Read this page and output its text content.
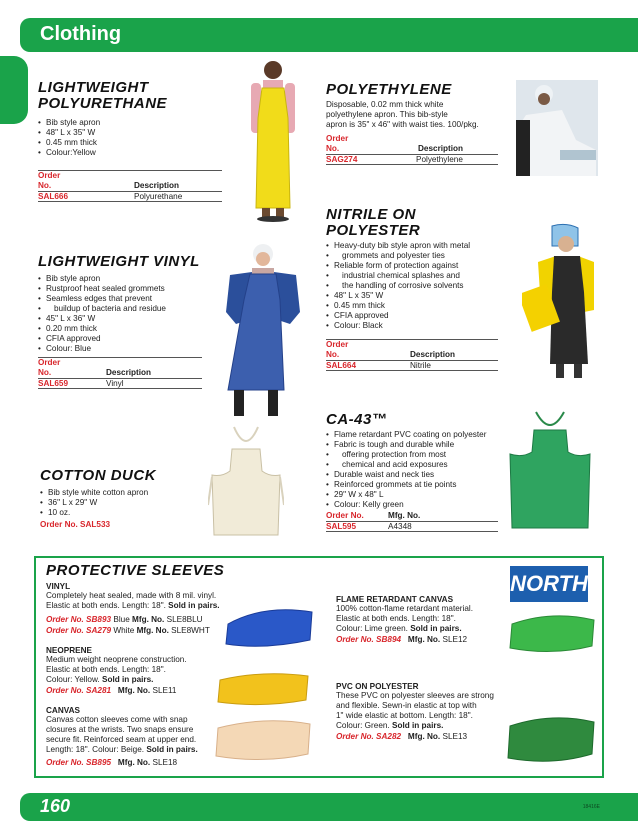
Clothing
LIGHTWEIGHT
POLYURETHANE
• Bib style apron
• 48" L x 35" W
• 0.45 mm thick
• Colour:Yellow
Order
No.	Description
SAL666	Polyurethane
POLYETHYLENE
Disposable, 0.02 mm thick white
polyethylene apron. This bib-style
apron is 35" x 46" with waist ties. 100/pkg.
Order
No.	Description
SAG274	Polyethylene
LIGHTWEIGHT VINYL
• Bib style apron
• Rustproof heat sealed grommets
• Seamless edges that prevent
• buildup of bacteria and residue
• 45" L x 36" W
• 0.20 mm thick
• CFIA approved
• Colour: Blue
Order
No.	Description
SAL659	Vinyl
NITRILE ON
POLYESTER
• Heavy-duty bib style apron with metal
• grommets and polyester ties
• Reliable form of protection against
• industrial chemical splashes and
• the handling of corrosive solvents
• 48" L x 35" W
• 0.45 mm thick
• CFIA approved
• Colour: Black
Order
No.	Description
SAL664	Nitrile
COTTON DUCK
• Bib style white cotton apron
• 36" L x 29" W
• 10 oz.
Order No. SAL533
CA-43™
• Flame retardant PVC coating on polyester
• Fabric is tough and durable while
• offering protection from most
• chemical and acid exposures
• Durable waist and neck ties
• Reinforced grommets at tie points
• 29" W x 48" L
• Colour: Kelly green
Order No.	Mfg. No.
SAL595	A4348
PROTECTIVE SLEEVES
NORTH
VINYL
Completely heat sealed, made with 8 mil. vinyl.
Elastic at both ends. Length: 18". Sold in pairs.
Order No. SB893 Blue Mfg. No. SLE8BLU
Order No. SA279 White Mfg. No. SLE8WHT
NEOPRENE
Medium weight neoprene construction.
Elastic at both ends. Length: 18".
Colour: Yellow. Sold in pairs.
Order No. SA281 Mfg. No. SLE11
CANVAS
Canvas cotton sleeves come with snap
closures at the wrists. Two snaps ensure
secure fit. Reinforced seam at upper end.
Length: 18". Colour: Beige. Sold in pairs.
Order No. SB895 Mfg. No. SLE18
FLAME RETARDANT CANVAS
100% cotton-flame retardant material.
Elastic at both ends. Length: 18".
Colour: Lime green. Sold in pairs.
Order No. SB894 Mfg. No. SLE12
PVC ON POLYESTER
These PVC on polyester sleeves are strong
and flexible. Sewn-in elastic at top with
1" wide elastic at bottom. Length: 18".
Colour: Green. Sold in pairs.
Order No. SA282 Mfg. No. SLE13
160	18416E
